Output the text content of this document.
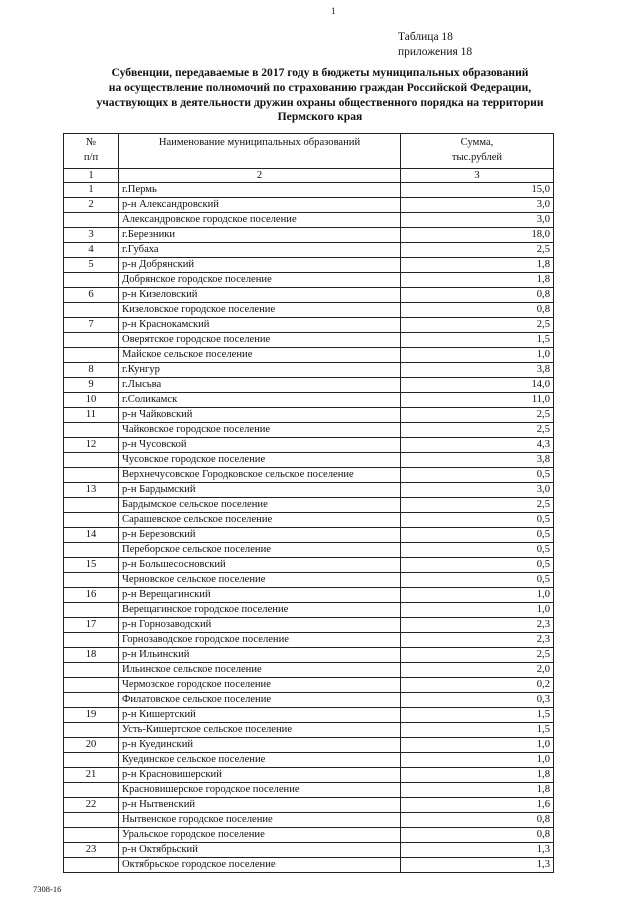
1
Таблица 18
приложения 18
Субвенции, передаваемые в 2017 году в бюджеты муниципальных образований
на осуществление полномочий по страхованию граждан Российской Федерации,
участвующих в деятельности дружин охраны общественного порядка на территории
Пермского края
№
п/п	Наименование муниципальных образований	Сумма,
тыс.рублей
1	2	3
1	г.Пермь	15,0
2	р-н Александровский	3,0
	Александровское городское поселение	3,0
3	г.Березники	18,0
4	г.Губаха	2,5
5	р-н Добрянский	1,8
	Добрянское городское поселение	1,8
6	р-н Кизеловский	0,8
	Кизеловское городское поселение	0,8
7	р-н Краснокамский	2,5
	Оверятское городское поселение	1,5
	Майское сельское поселение	1,0
8	г.Кунгур	3,8
9	г.Лысьва	14,0
10	г.Соликамск	11,0
11	р-н Чайковский	2,5
	Чайковское городское поселение	2,5
12	р-н Чусовской	4,3
	Чусовское городское поселение	3,8
	Верхнечусовское Городковское сельское поселение	0,5
13	р-н Бардымский	3,0
	Бардымское сельское поселение	2,5
	Сарашевское сельское поселение	0,5
14	р-н Березовский	0,5
	Переборское сельское поселение	0,5
15	р-н Большесосновский	0,5
	Черновское сельское поселение	0,5
16	р-н Верещагинский	1,0
	Верещагинское городское поселение	1,0
17	р-н Горнозаводский	2,3
	Горнозаводское городское поселение	2,3
18	р-н Ильинский	2,5
	Ильинское сельское поселение	2,0
	Чермозское городское поселение	0,2
	Филатовское сельское поселение	0,3
19	р-н Кишертский	1,5
	Усть-Кишертское сельское поселение	1,5
20	р-н Куединский	1,0
	Куединское сельское поселение	1,0
21	р-н Красновишерский	1,8
	Красновишерское городское поселение	1,8
22	р-н Нытвенский	1,6
	Нытвенское городское поселение	0,8
	Уральское городское поселение	0,8
23	р-н Октябрьский	1,3
	Октябрьское городское поселение	1,3
7308-16
